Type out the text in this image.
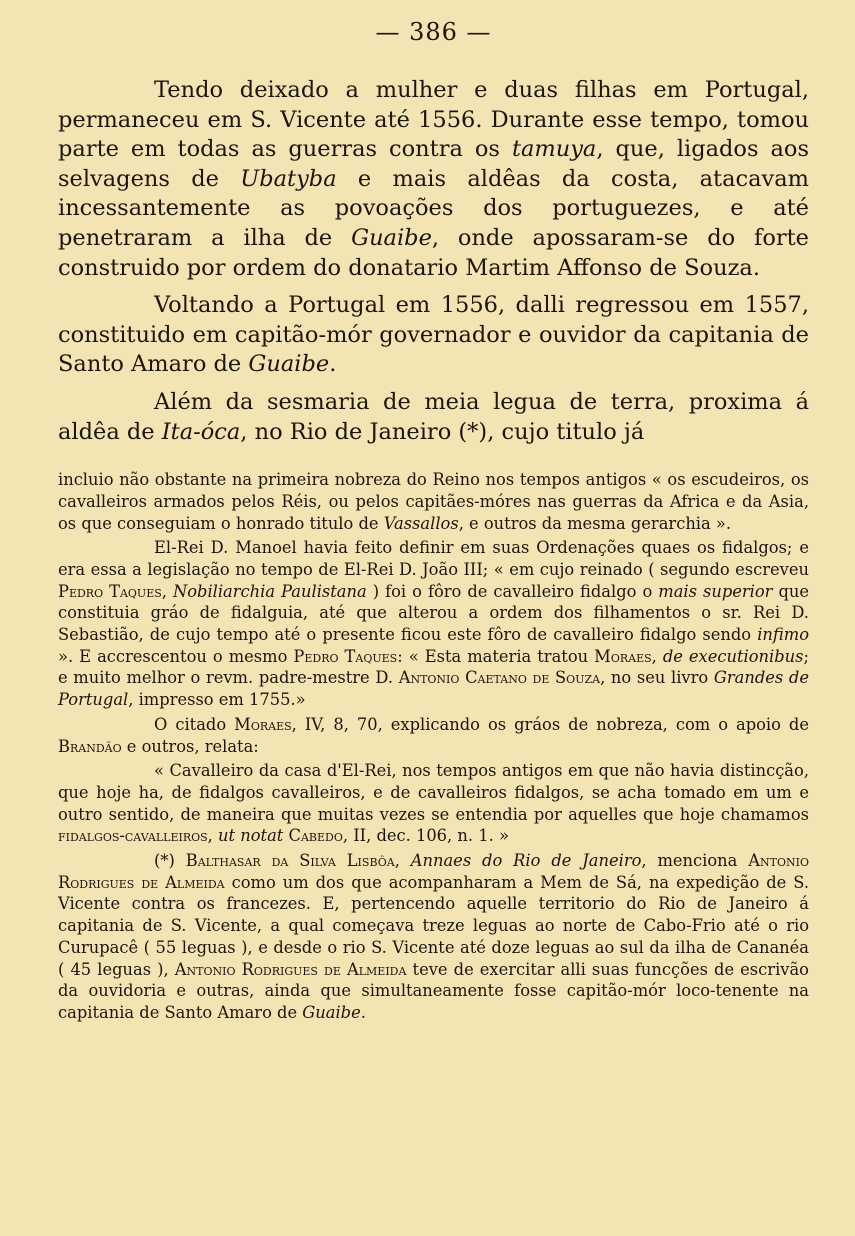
— 386 —

Tendo deixado a mulher e duas filhas em Portugal, permaneceu em S. Vicente até 1556. Durante esse tempo, tomou parte em todas as guerras contra os tamuya, que, ligados aos selvagens de Ubatyba e mais aldêas da costa, atacavam incessantemente as povoações dos portuguezes, e até penetraram a ilha de Guaibe, onde apossaram-se do forte construido por ordem do donatario Martim Affonso de Souza.

Voltando a Portugal em 1556, dalli regressou em 1557, constituido em capitão-mór governador e ouvidor da capitania de Santo Amaro de Guaibe.

Além da sesmaria de meia legua de terra, proxima á aldêa de Ita-óca, no Rio de Janeiro (*), cujo titulo já

incluio não obstante na primeira nobreza do Reino nos tempos antigos « os escudeiros, os cavalleiros armados pelos Réis, ou pelos capitães-móres nas guerras da Africa e da Asia, os que conseguiam o honrado titulo de Vassallos, e outros da mesma gerarchia ».

El-Rei D. Manoel havia feito definir em suas Ordenações quaes os fidalgos; e era essa a legislação no tempo de El-Rei D. João III; « em cujo reinado ( segundo escreveu Pedro Taques, Nobiliarchia Paulistana ) foi o fôro de cavalleiro fidalgo o mais superior que constituia gráo de fidalguia, até que alterou a ordem dos filhamentos o sr. Rei D. Sebastião, de cujo tempo até o presente ficou este fôro de cavalleiro fidalgo sendo infimo ». E accrescentou o mesmo Pedro Taques: « Esta materia tratou Moraes, de executionibus; e muito melhor o revm. padre-mestre D. Antonio Caetano de Souza, no seu livro Grandes de Portugal, impresso em 1755.»

O citado Moraes, IV, 8, 70, explicando os gráos de nobreza, com o apoio de Brandão e outros, relata:

« Cavalleiro da casa d'El-Rei, nos tempos antigos em que não havia distincção, que hoje ha, de fidalgos cavalleiros, e de cavalleiros fidalgos, se acha tomado em um e outro sentido, de maneira que muitas vezes se entendia por aquelles que hoje chamamos fidalgos-cavalleiros, ut notat Cabedo, II, dec. 106, n. 1. »

(*) Balthasar da Silva Lisbôa, Annaes do Rio de Janeiro, menciona Antonio Rodrigues de Almeida como um dos que acompanharam a Mem de Sá, na expedição de S. Vicente contra os francezes. E, pertencendo aquelle territorio do Rio de Janeiro á capitania de S. Vicente, a qual começava treze leguas ao norte de Cabo-Frio até o rio Curupacê ( 55 leguas ), e desde o rio S. Vicente até doze leguas ao sul da ilha de Cananéa ( 45 leguas ), Antonio Rodrigues de Almeida teve de exercitar alli suas funcções de escrivão da ouvidoria e outras, ainda que simultaneamente fosse capitão-mór loco-tenente na capitania de Santo Amaro de Guaibe.
